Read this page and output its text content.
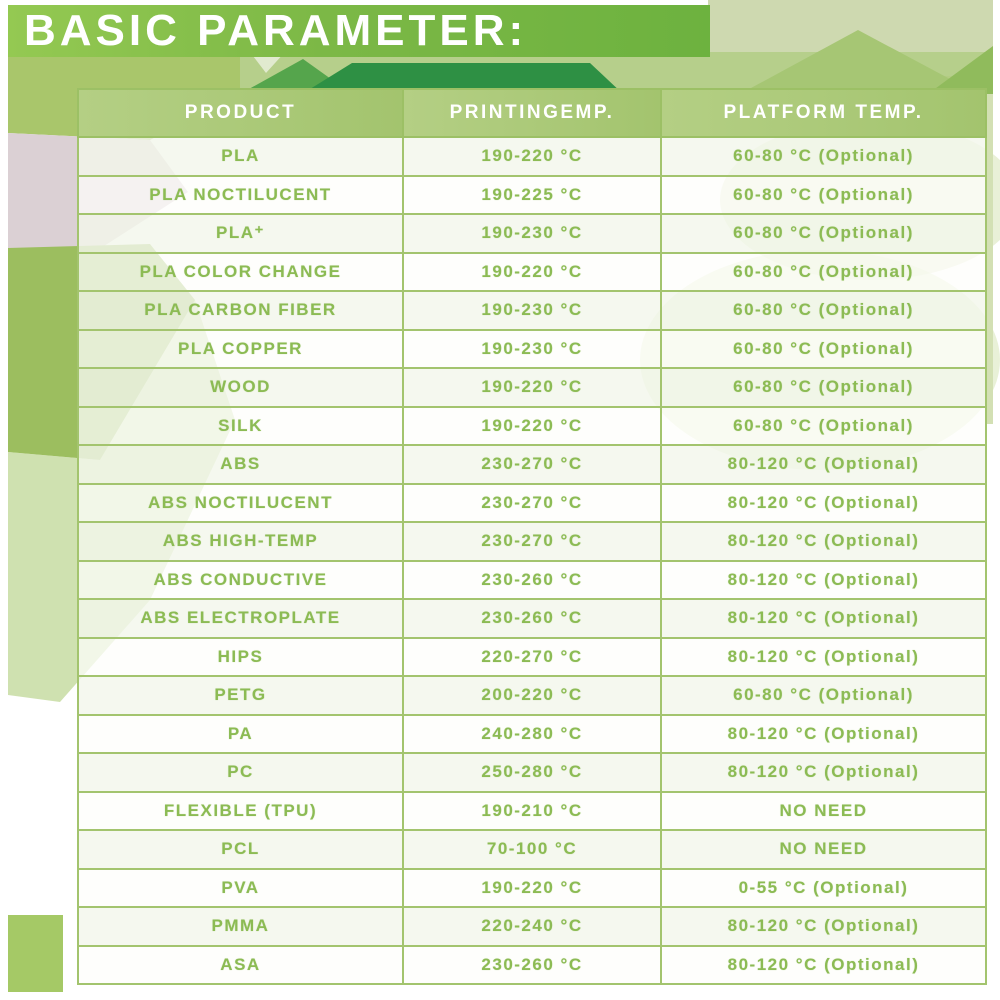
BASIC PARAMETER:
PRODUCT	PRINTINGEMP.	PLATFORM TEMP.
PLA	190-220 °C	60-80 °C (Optional)
PLA NOCTILUCENT	190-225 °C	60-80 °C (Optional)
PLA⁺	190-230 °C	60-80 °C (Optional)
PLA COLOR CHANGE	190-220 °C	60-80 °C (Optional)
PLA CARBON FIBER	190-230 °C	60-80 °C (Optional)
PLA COPPER	190-230 °C	60-80 °C (Optional)
WOOD	190-220 °C	60-80 °C (Optional)
SILK	190-220 °C	60-80 °C (Optional)
ABS	230-270 °C	80-120 °C (Optional)
ABS NOCTILUCENT	230-270 °C	80-120 °C (Optional)
ABS HIGH-TEMP	230-270 °C	80-120 °C (Optional)
ABS CONDUCTIVE	230-260 °C	80-120 °C (Optional)
ABS ELECTROPLATE	230-260 °C	80-120 °C (Optional)
HIPS	220-270 °C	80-120 °C (Optional)
PETG	200-220 °C	60-80 °C (Optional)
PA	240-280 °C	80-120 °C (Optional)
PC	250-280 °C	80-120 °C (Optional)
FLEXIBLE (TPU)	190-210 °C	NO NEED
PCL	70-100 °C	NO NEED
PVA	190-220 °C	0-55 °C (Optional)
PMMA	220-240 °C	80-120 °C (Optional)
ASA	230-260 °C	80-120 °C (Optional)
